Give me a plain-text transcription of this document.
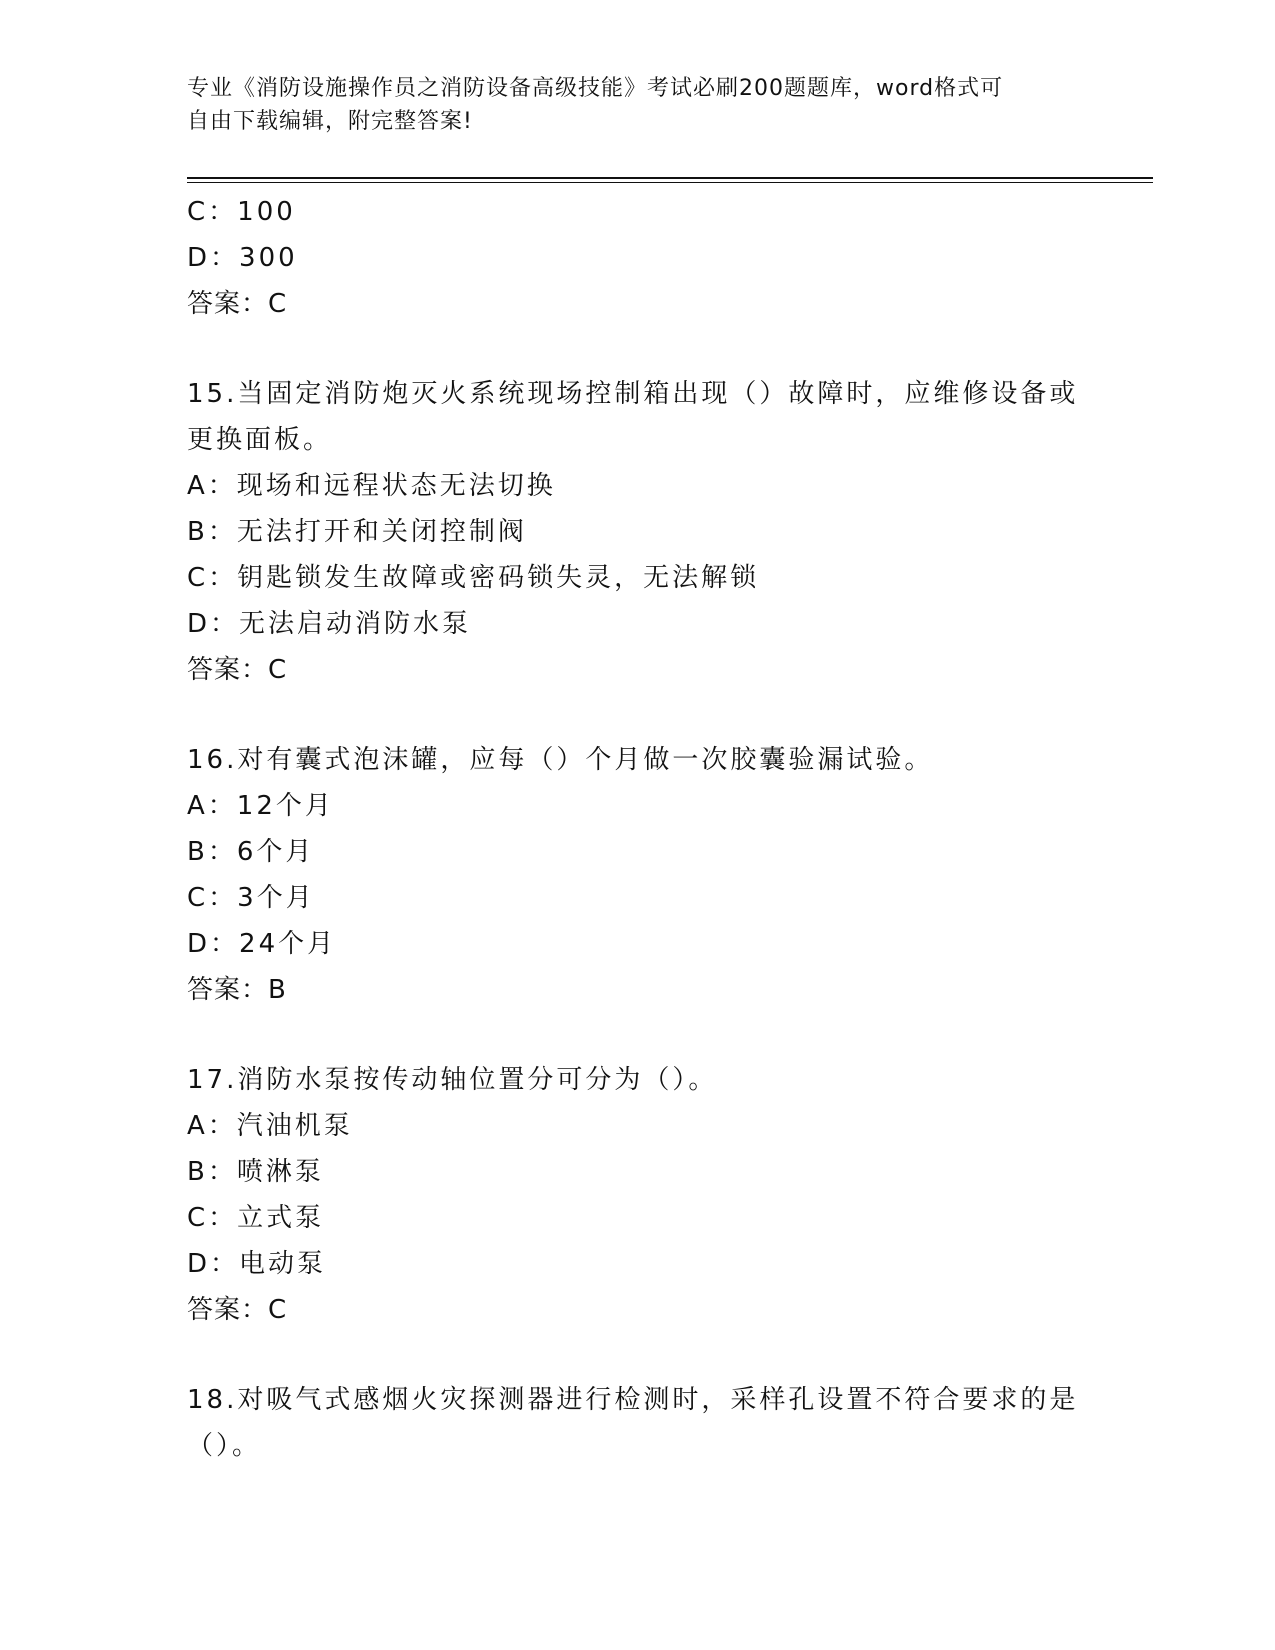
专业《消防设施操作员之消防设备高级技能》考试必刷200题题库，word格式可
自由下载编辑，附完整答案!
C：100
D：300
答案：C
15.当固定消防炮灭火系统现场控制箱出现（）故障时，应维修设备或
更换面板。
A：现场和远程状态无法切换
B：无法打开和关闭控制阀
C：钥匙锁发生故障或密码锁失灵，无法解锁
D：无法启动消防水泵
答案：C
16.对有囊式泡沫罐，应每（）个月做一次胶囊验漏试验。
A：12个月
B：6个月
C：3个月
D：24个月
答案：B
17.消防水泵按传动轴位置分可分为（）。
A：汽油机泵
B：喷淋泵
C：立式泵
D：电动泵
答案：C
18.对吸气式感烟火灾探测器进行检测时，采样孔设置不符合要求的是
（）。
